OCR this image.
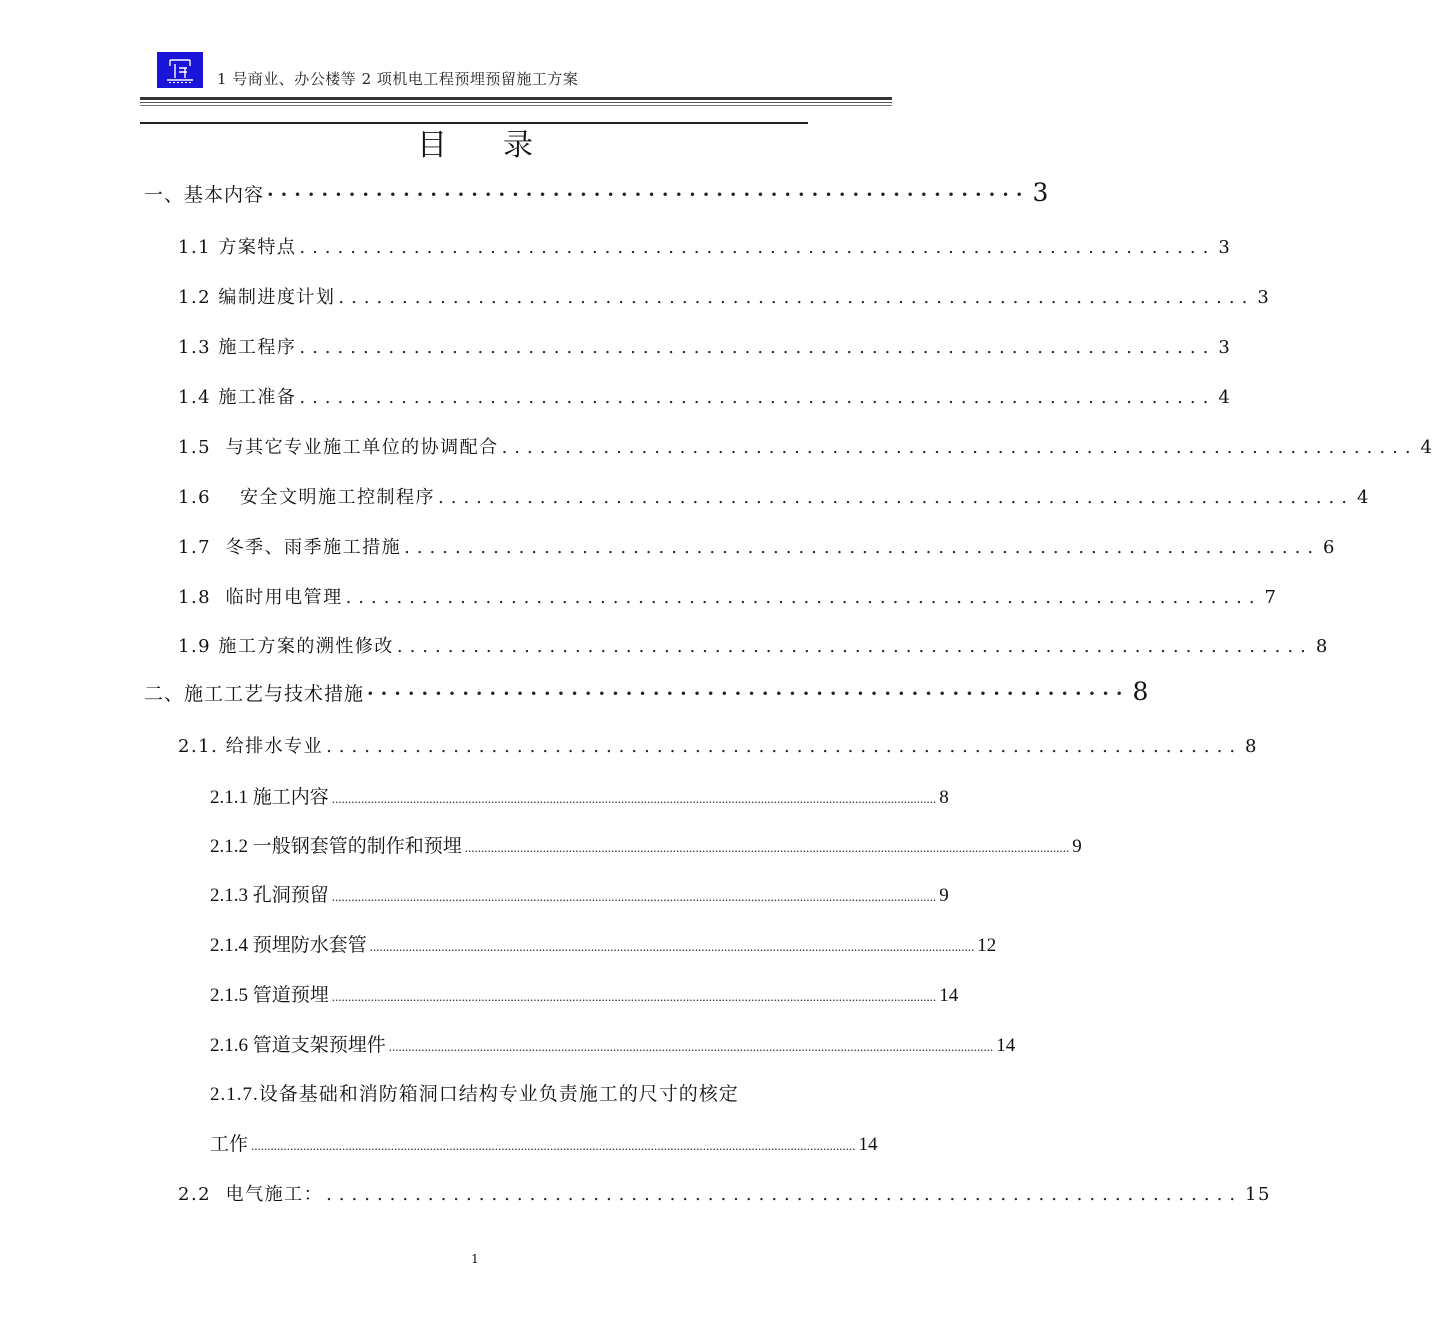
1 号商业、办公楼等 2 项机电工程预埋预留施工方案
目录
一、基本内容 ························································ 3
1.1 方案特点 ........................................................................ 3
1.2 编制进度计划 ........................................................................ 3
1.3 施工程序 ........................................................................ 3
1.4 施工准备 ........................................................................ 4
1.5  与其它专业施工单位的协调配合 ........................................................................ 4
1.6    安全文明施工控制程序 ........................................................................ 4
1.7  冬季、雨季施工措施 ........................................................................ 6
1.8  临时用电管理 ........................................................................ 7
1.9 施工方案的溯性修改 ........................................................................ 8
二、施工工艺与技术措施 ························································ 8
2.1. 给排水专业 ........................................................................ 8
2.1.1 施工内容 .......................................................................................................................................................................................... 8
2.1.2 一般钢套管的制作和预埋 .......................................................................................................................................................................................... 9
2.1.3 孔洞预留 .......................................................................................................................................................................................... 9
2.1.4 预埋防水套管 .......................................................................................................................................................................................... 12
2.1.5 管道预埋 .......................................................................................................................................................................................... 14
2.1.6 管道支架预埋件 .......................................................................................................................................................................................... 14
2.1.7.设备基础和消防箱洞口结构专业负责施工的尺寸的核定
工作 .......................................................................................................................................................................................... 14
2.2  电气施工： ........................................................................ 15
1
